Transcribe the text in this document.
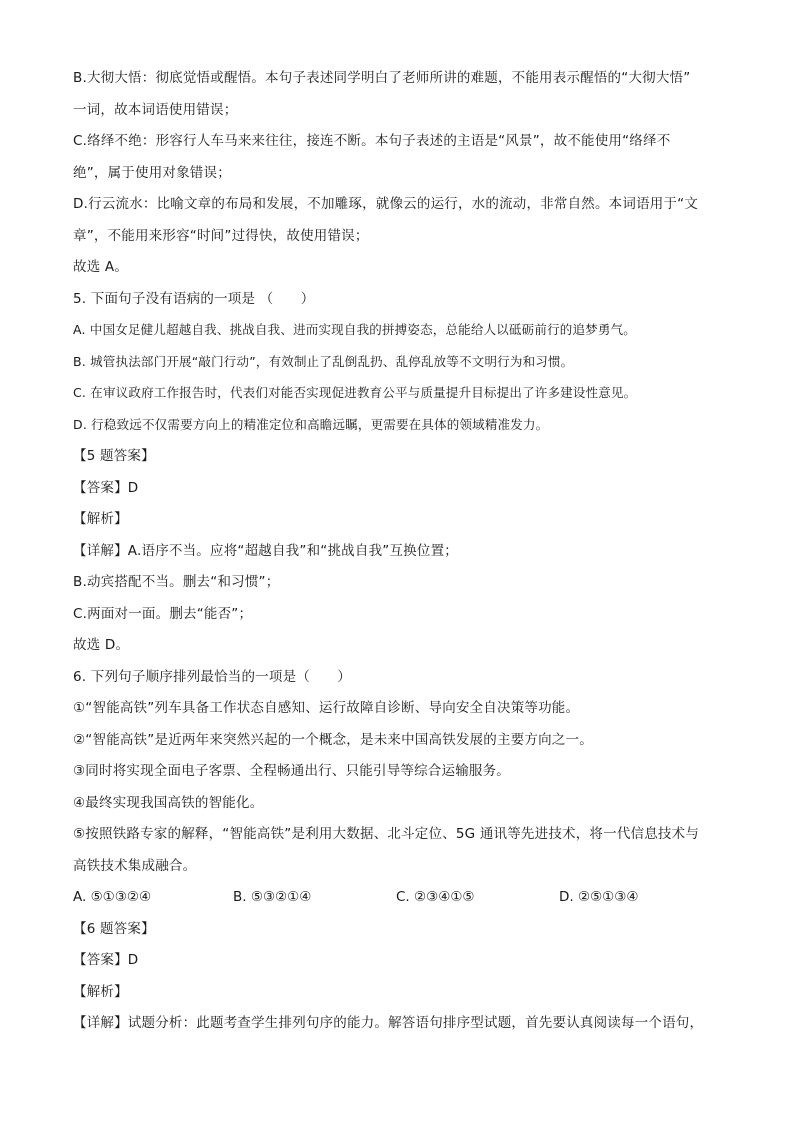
B.大彻大悟：彻底觉悟或醒悟。本句子表述同学明白了老师所讲的难题，不能用表示醒悟的“大彻大悟”
一词，故本词语使用错误；
C.络绎不绝：形容行人车马来来往往，接连不断。本句子表述的主语是“风景”，故不能使用“络绎不
绝”，属于使用对象错误；
D.行云流水：比喻文章的布局和发展，不加雕琢，就像云的运行，水的流动，非常自然。本词语用于“文
章”，不能用来形容“时间”过得快，故使用错误；
故选 A。
5. 下面句子没有语病的一项是 （　　）
A. 中国女足健儿超越自我、挑战自我、进而实现自我的拼搏姿态，总能给人以砥砺前行的追梦勇气。
B. 城管执法部门开展“敲门行动”，有效制止了乱倒乱扔、乱停乱放等不文明行为和习惯。
C. 在审议政府工作报告时，代表们对能否实现促进教育公平与质量提升目标提出了许多建设性意见。
D. 行稳致远不仅需要方向上的精准定位和高瞻远瞩，更需要在具体的领域精准发力。
【5 题答案】
【答案】D
【解析】
【详解】A.语序不当。应将“超越自我”和“挑战自我”互换位置；
B.动宾搭配不当。删去“和习惯”；
C.两面对一面。删去“能否”；
故选 D。
6. 下列句子顺序排列最恰当的一项是（　　）
①“智能高铁”列车具备工作状态自感知、运行故障自诊断、导向安全自决策等功能。
②“智能高铁”是近两年来突然兴起的一个概念，是未来中国高铁发展的主要方向之一。
③同时将实现全面电子客票、全程畅通出行、只能引导等综合运输服务。
④最终实现我国高铁的智能化。
⑤按照铁路专家的解释，“智能高铁”是利用大数据、北斗定位、5G 通讯等先进技术，将一代信息技术与
高铁技术集成融合。
A. ⑤①③②④	B. ⑤③②①④	C. ②③④①⑤	D. ②⑤①③④
【6 题答案】
【答案】D
【解析】
【详解】试题分析：此题考查学生排列句序的能力。解答语句排序型试题，首先要认真阅读每一个语句，
